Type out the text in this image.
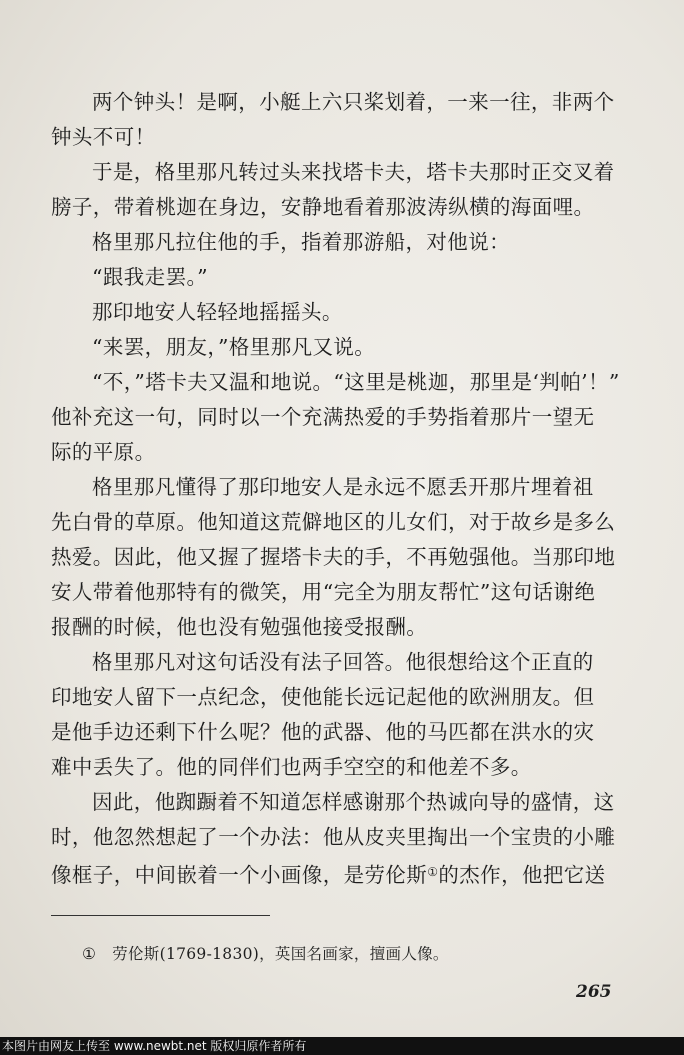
两个钟头！是啊，小艇上六只桨划着，一来一往，非两个
钟头不可！

于是，格里那凡转过头来找塔卡夫，塔卡夫那时正交叉着
膀子，带着桃迦在身边，安静地看着那波涛纵横的海面哩。

格里那凡拉住他的手，指着那游船，对他说：

“跟我走罢。”

那印地安人轻轻地摇摇头。

“来罢，朋友，”格里那凡又说。

“不，”塔卡夫又温和地说。“这里是桃迦，那里是‘判帕’！”
他补充这一句，同时以一个充满热爱的手势指着那片一望无
际的平原。

格里那凡懂得了那印地安人是永远不愿丢开那片埋着祖
先白骨的草原。他知道这荒僻地区的儿女们，对于故乡是多么
热爱。因此，他又握了握塔卡夫的手，不再勉强他。当那印地
安人带着他那特有的微笑，用“完全为朋友帮忙”这句话谢绝
报酬的时候，他也没有勉强他接受报酬。

格里那凡对这句话没有法子回答。他很想给这个正直的
印地安人留下一点纪念，使他能长远记起他的欧洲朋友。但
是他手边还剩下什么呢？他的武器、他的马匹都在洪水的灾
难中丢失了。他的同伴们也两手空空的和他差不多。

因此，他踟蹰着不知道怎样感谢那个热诚向导的盛情，这
时，他忽然想起了一个办法：他从皮夹里掏出一个宝贵的小雕
像框子，中间嵌着一个小画像，是劳伦斯①的杰作，他把它送

① 劳伦斯(1769-1830)，英国名画家，擅画人像。
265
本图片由网友上传至 www.newbt.net 版权归原作者所有
